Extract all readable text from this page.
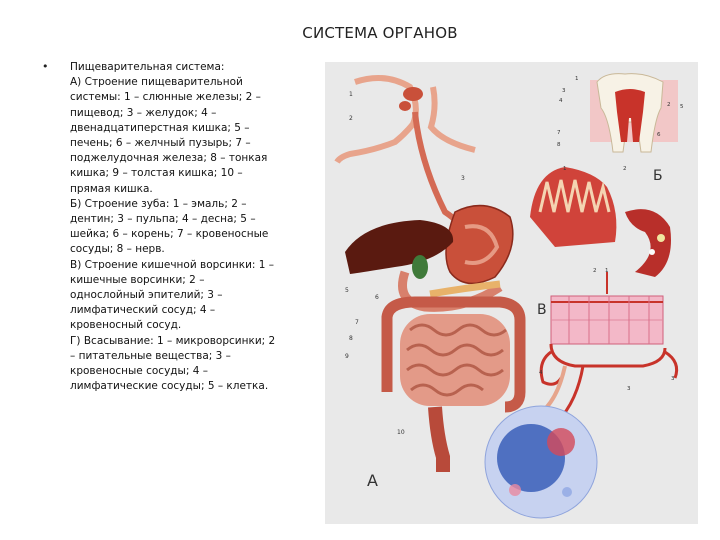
СИСТЕМА ОРГАНОВ
• Пищеварительная система:

А) Строение пищеварительной системы: 1 – слюнные железы; 2 – пищевод; 3 – желудок; 4 – двенадцатиперстная кишка; 5 – печень; 6 – желчный пузырь; 7 – поджелудочная железа; 8 – тонкая кишка; 9 – толстая кишка; 10 – прямая кишка.

Б) Строение зуба: 1 – эмаль; 2 – дентин; 3 – пульпа; 4 – десна; 5 – шейка; 6 – корень; 7 – кровеносные сосуды; 8 – нерв.

В) Строение кишечной ворсинки: 1 – кишечные ворсинки; 2 – однослойный эпителий; 3 – лимфатический сосуд; 4 – кровеносный сосуд.

Г) Всасывание: 1 – микроворсинки; 2 – питательные вещества; 3 – кровеносные сосуды; 4 – лимфатические сосуды; 5 – клетка.

1
2
3
5
6
7
8
9
10
1
2
3
4
5
6
7
8
Б
1	2
В
1
2
3
4
3
А
